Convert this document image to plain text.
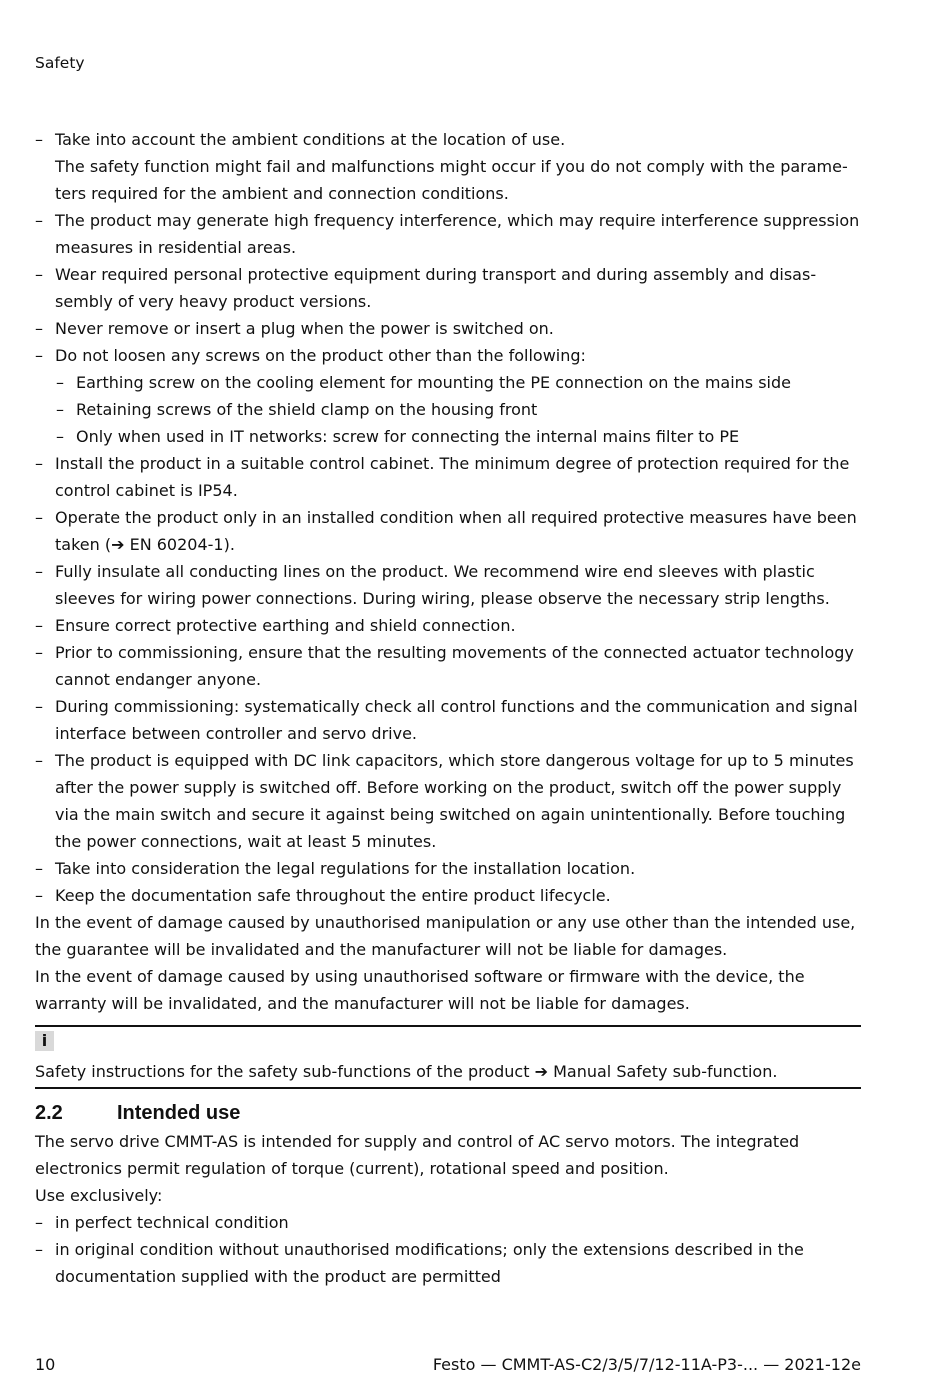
Safety

– Take into account the ambient conditions at the location of use.
The safety function might fail and malfunctions might occur if you do not comply with the parame-
ters required for the ambient and connection conditions.

– The product may generate high frequency interference, which may require interference suppression
measures in residential areas.

– Wear required personal protective equipment during transport and during assembly and disas-
sembly of very heavy product versions.

– Never remove or insert a plug when the power is switched on.

– Do not loosen any screws on the product other than the following:

– Earthing screw on the cooling element for mounting the PE connection on the mains side

– Retaining screws of the shield clamp on the housing front

– Only when used in IT networks: screw for connecting the internal mains filter to PE

– Install the product in a suitable control cabinet. The minimum degree of protection required for the
control cabinet is IP54.

– Operate the product only in an installed condition when all required protective measures have been
taken (➔ EN 60204-1).

– Fully insulate all conducting lines on the product. We recommend wire end sleeves with plastic
sleeves for wiring power connections. During wiring, please observe the necessary strip lengths.

– Ensure correct protective earthing and shield connection.

– Prior to commissioning, ensure that the resulting movements of the connected actuator technology
cannot endanger anyone.

– During commissioning: systematically check all control functions and the communication and signal
interface between controller and servo drive.

– The product is equipped with DC link capacitors, which store dangerous voltage for up to 5 minutes
after the power supply is switched off. Before working on the product, switch off the power supply
via the main switch and secure it against being switched on again unintentionally. Before touching
the power connections, wait at least 5 minutes.

– Take into consideration the legal regulations for the installation location.

– Keep the documentation safe throughout the entire product lifecycle.

In the event of damage caused by unauthorised manipulation or any use other than the intended use,
the guarantee will be invalidated and the manufacturer will not be liable for damages.

In the event of damage caused by using unauthorised software or firmware with the device, the
warranty will be invalidated, and the manufacturer will not be liable for damages.

i

Safety instructions for the safety sub-functions of the product ➔ Manual Safety sub-function.

2.2	Intended use

The servo drive CMMT-AS is intended for supply and control of AC servo motors. The integrated
electronics permit regulation of torque (current), rotational speed and position.

Use exclusively:

– in perfect technical condition

– in original condition without unauthorised modifications; only the extensions described in the
documentation supplied with the product are permitted

10	Festo — CMMT-AS-C2/3/5/7/12-11A-P3-... — 2021-12e
